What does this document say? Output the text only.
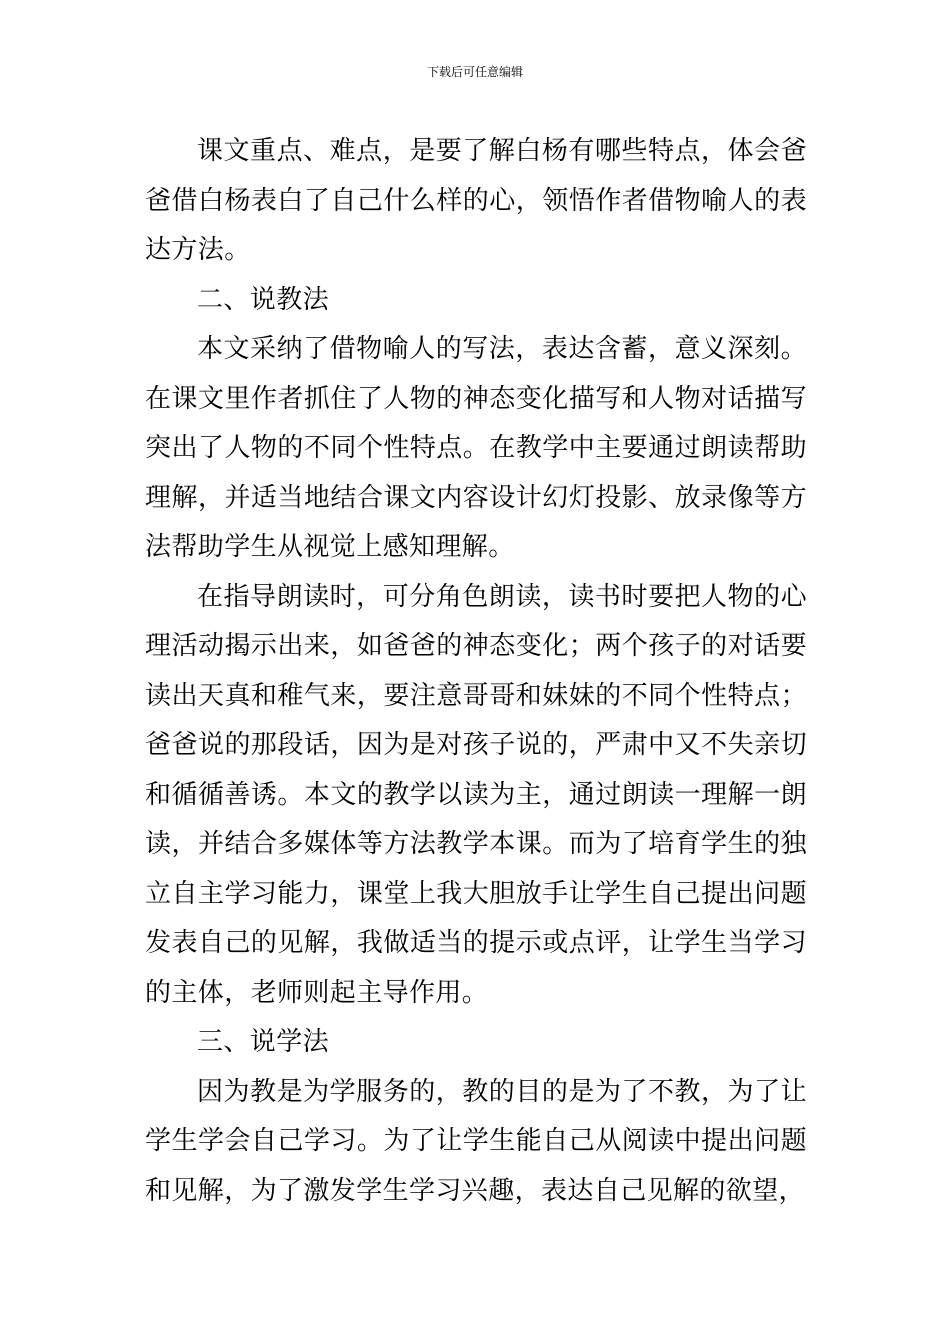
下载后可任意编辑

课文重点、难点，是要了解白杨有哪些特点，体会爸爸借白杨表白了自己什么样的心，领悟作者借物喻人的表达方法。

二、说教法

本文采纳了借物喻人的写法，表达含蓄，意义深刻。在课文里作者抓住了人物的神态变化描写和人物对话描写突出了人物的不同个性特点。在教学中主要通过朗读帮助理解，并适当地结合课文内容设计幻灯投影、放录像等方法帮助学生从视觉上感知理解。

在指导朗读时，可分角色朗读，读书时要把人物的心理活动揭示出来，如爸爸的神态变化；两个孩子的对话要读出天真和稚气来，要注意哥哥和妹妹的不同个性特点；爸爸说的那段话，因为是对孩子说的，严肃中又不失亲切和循循善诱。本文的教学以读为主，通过朗读一理解一朗读，并结合多媒体等方法教学本课。而为了培育学生的独立自主学习能力，课堂上我大胆放手让学生自己提出问题发表自己的见解，我做适当的提示或点评，让学生当学习的主体，老师则起主导作用。

三、说学法

因为教是为学服务的，教的目的是为了不教，为了让学生学会自己学习。为了让学生能自己从阅读中提出问题和见解，为了激发学生学习兴趣，表达自己见解的欲望，
